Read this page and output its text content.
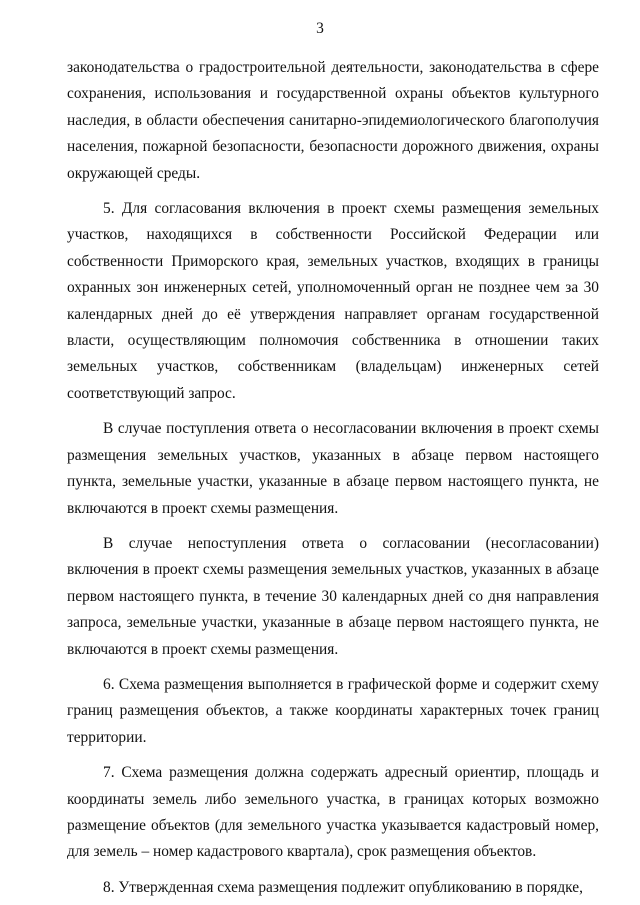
3

законодательства о градостроительной деятельности, законодательства в сфере сохранения, использования и государственной охраны объектов культурного наследия, в области обеспечения санитарно-эпидемиологического благополучия населения, пожарной безопасности, безопасности дорожного движения, охраны окружающей среды.

5. Для согласования включения в проект схемы размещения земельных участков, находящихся в собственности Российской Федерации или собственности Приморского края, земельных участков, входящих в границы охранных зон инженерных сетей, уполномоченный орган не позднее чем за 30 календарных дней до её утверждения направляет органам государственной власти, осуществляющим полномочия собственника в отношении таких земельных участков, собственникам (владельцам) инженерных сетей соответствующий запрос.

В случае поступления ответа о несогласовании включения в проект схемы размещения земельных участков, указанных в абзаце первом настоящего пункта, земельные участки, указанные в абзаце первом настоящего пункта, не включаются в проект схемы размещения.

В случае непоступления ответа о согласовании (несогласовании) включения в проект схемы размещения земельных участков, указанных в абзаце первом настоящего пункта, в течение 30 календарных дней со дня направления запроса, земельные участки, указанные в абзаце первом настоящего пункта, не включаются в проект схемы размещения.

6. Схема размещения выполняется в графической форме и содержит схему границ размещения объектов, а также координаты характерных точек границ территории.

7. Схема размещения должна содержать адресный ориентир, площадь и координаты земель либо земельного участка, в границах которых возможно размещение объектов (для земельного участка указывается кадастровый номер, для земель – номер кадастрового квартала), срок размещения объектов.

8. Утвержденная схема размещения подлежит опубликованию в порядке,
